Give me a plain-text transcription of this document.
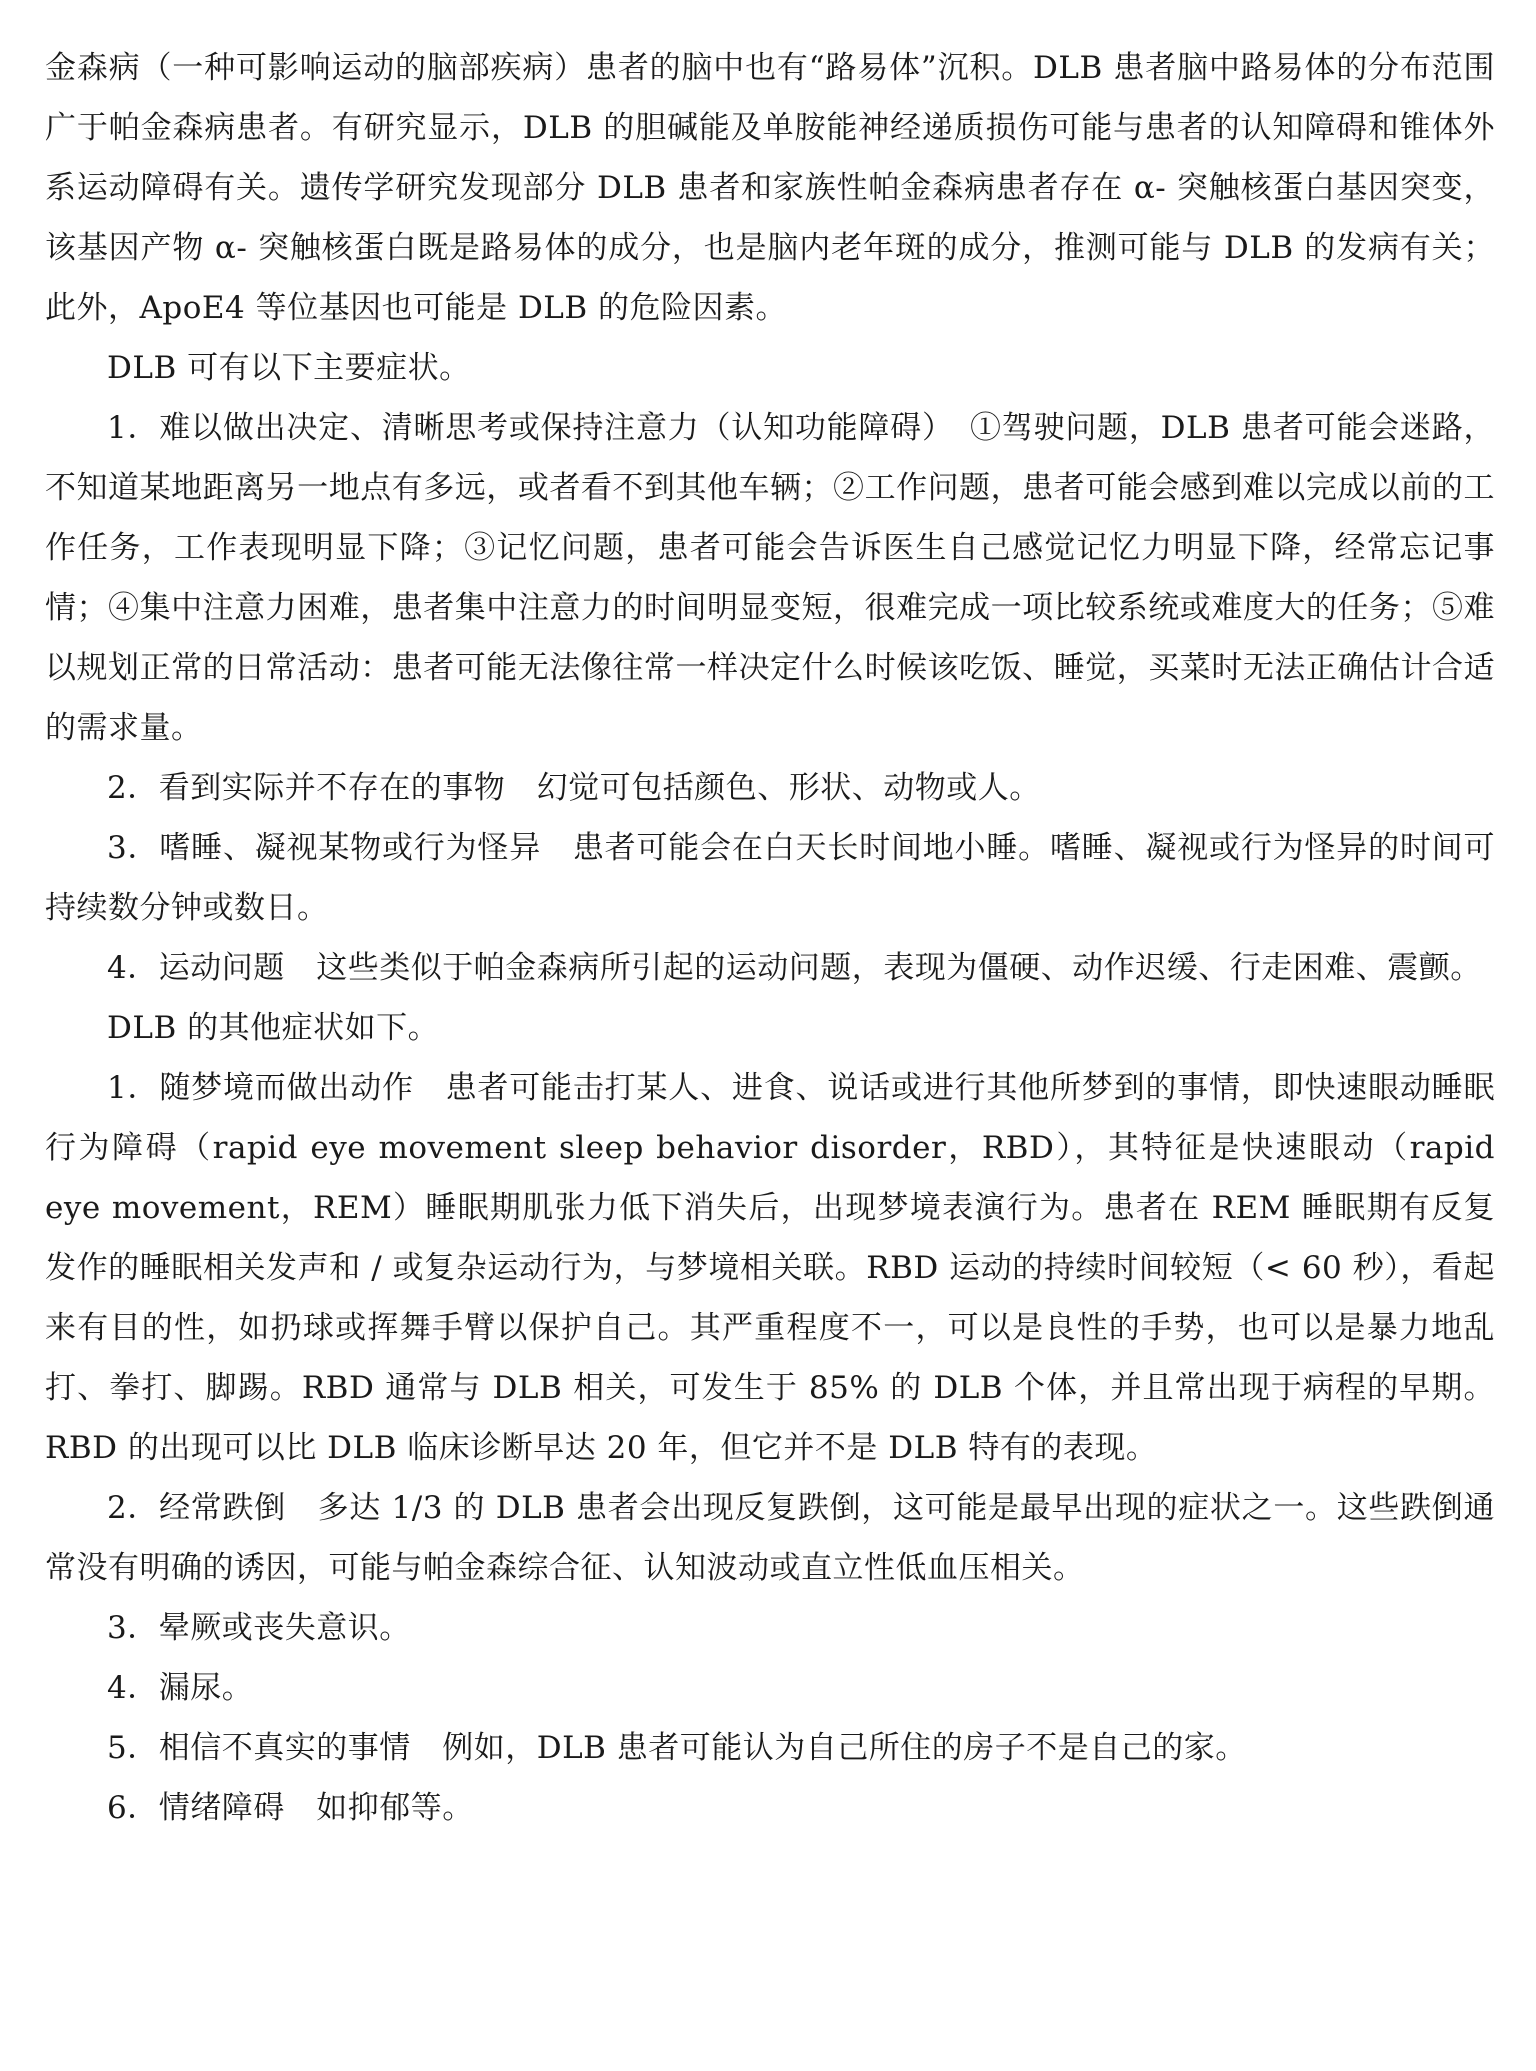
金森病（一种可影响运动的脑部疾病）患者的脑中也有“路易体”沉积。DLB 患者脑中路易体的分布范围广于帕金森病患者。有研究显示，DLB 的胆碱能及单胺能神经递质损伤可能与患者的认知障碍和锥体外系运动障碍有关。遗传学研究发现部分 DLB 患者和家族性帕金森病患者存在 α- 突触核蛋白基因突变，该基因产物 α- 突触核蛋白既是路易体的成分，也是脑内老年斑的成分，推测可能与 DLB 的发病有关；此外，ApoE4 等位基因也可能是 DLB 的危险因素。

DLB 可有以下主要症状。

1．难以做出决定、清晰思考或保持注意力（认知功能障碍）　 ①驾驶问题，DLB 患者可能会迷路，不知道某地距离另一地点有多远，或者看不到其他车辆；②工作问题，患者可能会感到难以完成以前的工作任务，工作表现明显下降；③记忆问题，患者可能会告诉医生自己感觉记忆力明显下降，经常忘记事情；④集中注意力困难，患者集中注意力的时间明显变短，很难完成一项比较系统或难度大的任务；⑤难以规划正常的日常活动：患者可能无法像往常一样决定什么时候该吃饭、睡觉，买菜时无法正确估计合适的需求量。

2．看到实际并不存在的事物　 幻觉可包括颜色、形状、动物或人。

3．嗜睡、凝视某物或行为怪异　 患者可能会在白天长时间地小睡。嗜睡、凝视或行为怪异的时间可持续数分钟或数日。

4．运动问题　 这些类似于帕金森病所引起的运动问题，表现为僵硬、动作迟缓、行走困难、震颤。

DLB 的其他症状如下。

1．随梦境而做出动作　 患者可能击打某人、进食、说话或进行其他所梦到的事情，即快速眼动睡眠行为障碍（rapid eye movement sleep behavior disorder，RBD），其特征是快速眼动（rapid eye movement，REM）睡眠期肌张力低下消失后，出现梦境表演行为。患者在 REM 睡眠期有反复发作的睡眠相关发声和 / 或复杂运动行为，与梦境相关联。RBD 运动的持续时间较短（< 60 秒），看起来有目的性，如扔球或挥舞手臂以保护自己。其严重程度不一，可以是良性的手势，也可以是暴力地乱打、拳打、脚踢。RBD 通常与 DLB 相关，可发生于 85% 的 DLB 个体，并且常出现于病程的早期。RBD 的出现可以比 DLB 临床诊断早达 20 年，但它并不是 DLB 特有的表现。

2．经常跌倒　 多达 1/3 的 DLB 患者会出现反复跌倒，这可能是最早出现的症状之一。这些跌倒通常没有明确的诱因，可能与帕金森综合征、认知波动或直立性低血压相关。

3．晕厥或丧失意识。

4．漏尿。

5．相信不真实的事情　 例如，DLB 患者可能认为自己所住的房子不是自己的家。

6．情绪障碍　 如抑郁等。
